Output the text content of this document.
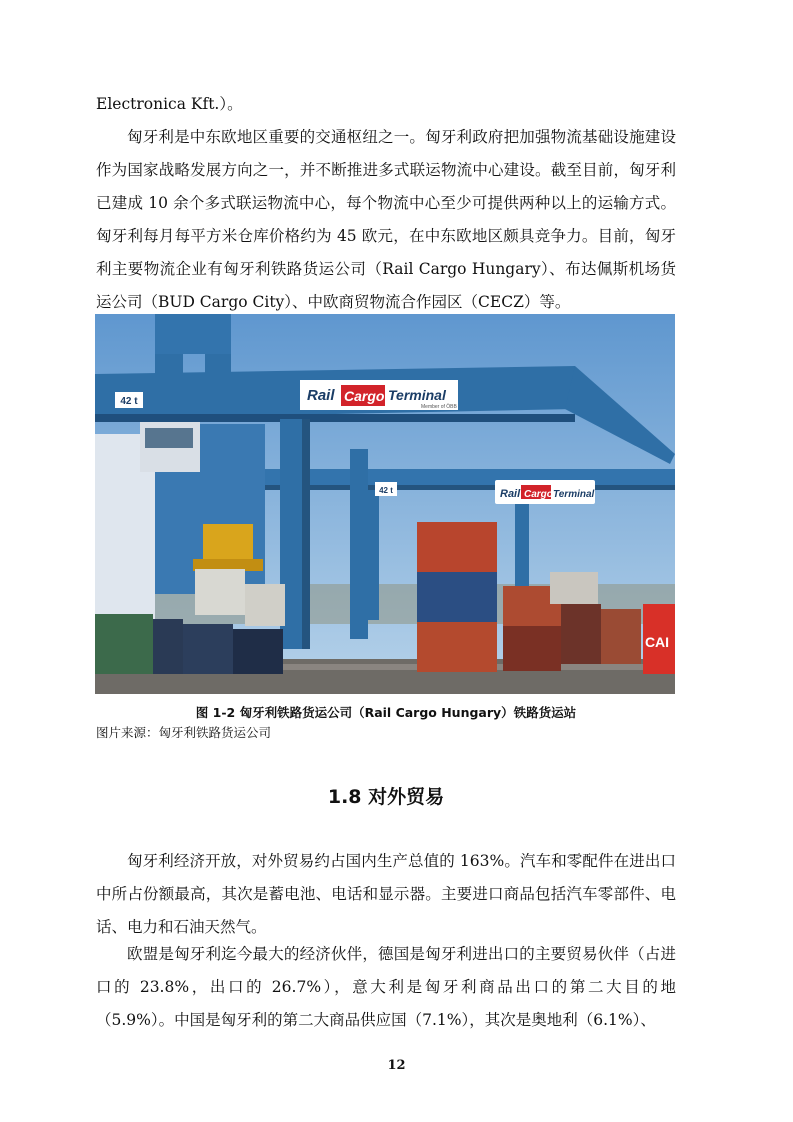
Electronica Kft.）。

匈牙利是中东欧地区重要的交通枢纽之一。匈牙利政府把加强物流基础设施建设作为国家战略发展方向之一，并不断推进多式联运物流中心建设。截至目前，匈牙利已建成 10 余个多式联运物流中心，每个物流中心至少可提供两种以上的运输方式。匈牙利每月每平方米仓库价格约为 45 欧元，在中东欧地区颇具竞争力。目前，匈牙利主要物流企业有匈牙利铁路货运公司（Rail Cargo Hungary）、布达佩斯机场货运公司（BUD Cargo City）、中欧商贸物流合作园区（CECZ）等。

42 t	Rail Cargo Terminal
Rail Cargo Terminal
Member of ÖBB
42 t
CAI

图 1-2 匈牙利铁路货运公司（Rail Cargo Hungary）铁路货运站

图片来源：匈牙利铁路货运公司

1.8 对外贸易

匈牙利经济开放，对外贸易约占国内生产总值的 163%。汽车和零配件在进出口中所占份额最高，其次是蓄电池、电话和显示器。主要进口商品包括汽车零部件、电话、电力和石油天然气。

欧盟是匈牙利迄今最大的经济伙伴，德国是匈牙利进出口的主要贸易伙伴（占进口的 23.8%，出口的 26.7%），意大利是匈牙利商品出口的第二大目的地（5.9%）。中国是匈牙利的第二大商品供应国（7.1%），其次是奥地利（6.1%）、

12
